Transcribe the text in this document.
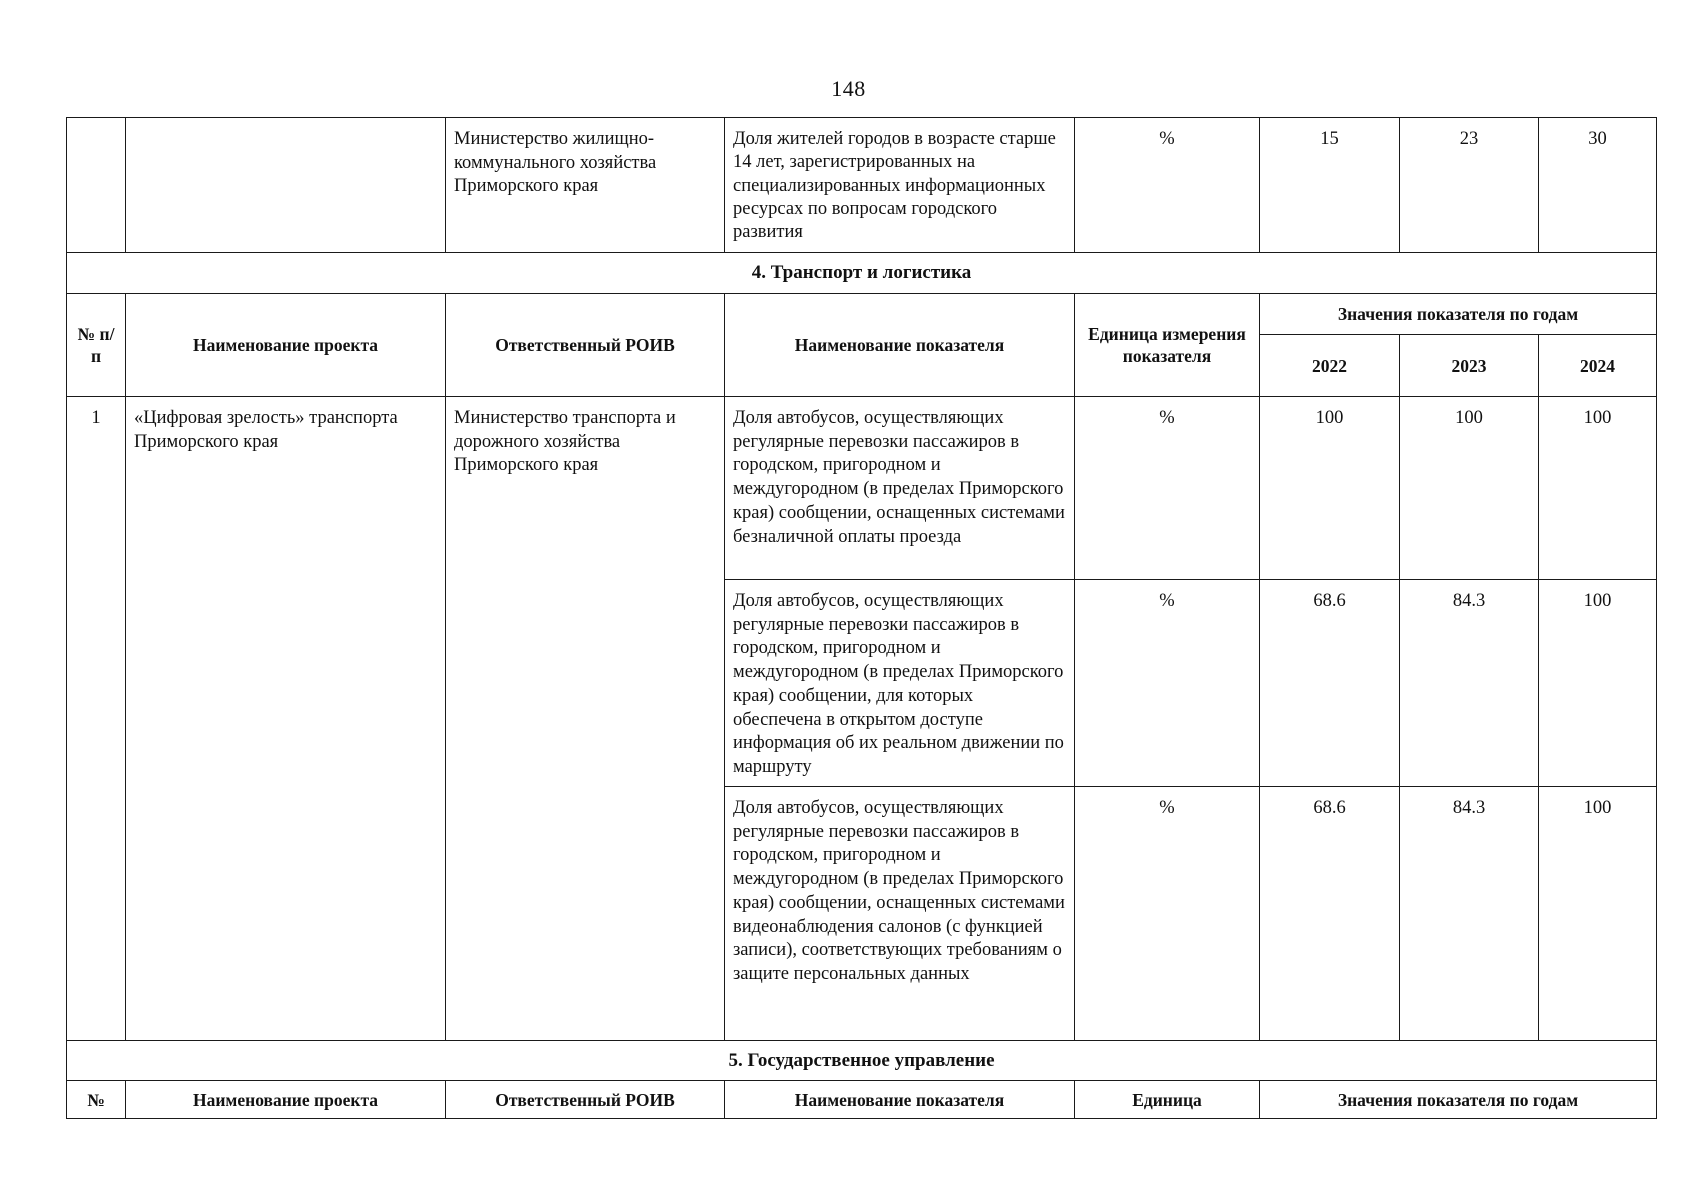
148
		Министерство жилищно-коммунального хозяйства Приморского края	Доля жителей городов в возрасте старше 14 лет, зарегистрированных на специализированных информационных ресурсах по вопросам городского развития	%	15	23	30
4. Транспорт и логистика							
№ п/п	Наименование проекта	Ответственный РОИВ	Наименование показателя	Единица измерения показателя	Значения показателя по годам		
					2022	2023	2024
1	«Цифровая зрелость» транспорта Приморского края	Министерство транспорта и дорожного хозяйства Приморского края	Доля автобусов, осуществляющих регулярные перевозки пассажиров в городском, пригородном и междугородном (в пределах Приморского края) сообщении, оснащенных системами безналичной оплаты проезда	%	100	100	100
			Доля автобусов, осуществляющих регулярные перевозки пассажиров в городском, пригородном и междугородном (в пределах Приморского края) сообщении, для которых обеспечена в открытом доступе информация об их реальном движении по маршруту	%	68.6	84.3	100
			Доля автобусов, осуществляющих регулярные перевозки пассажиров в городском, пригородном и междугородном (в пределах Приморского края) сообщении, оснащенных системами видеонаблюдения салонов (с функцией записи), соответствующих требованиям о защите персональных данных	%	68.6	84.3	100
5. Государственное управление							
№	Наименование проекта	Ответственный РОИВ	Наименование показателя	Единица	Значения показателя по годам		
